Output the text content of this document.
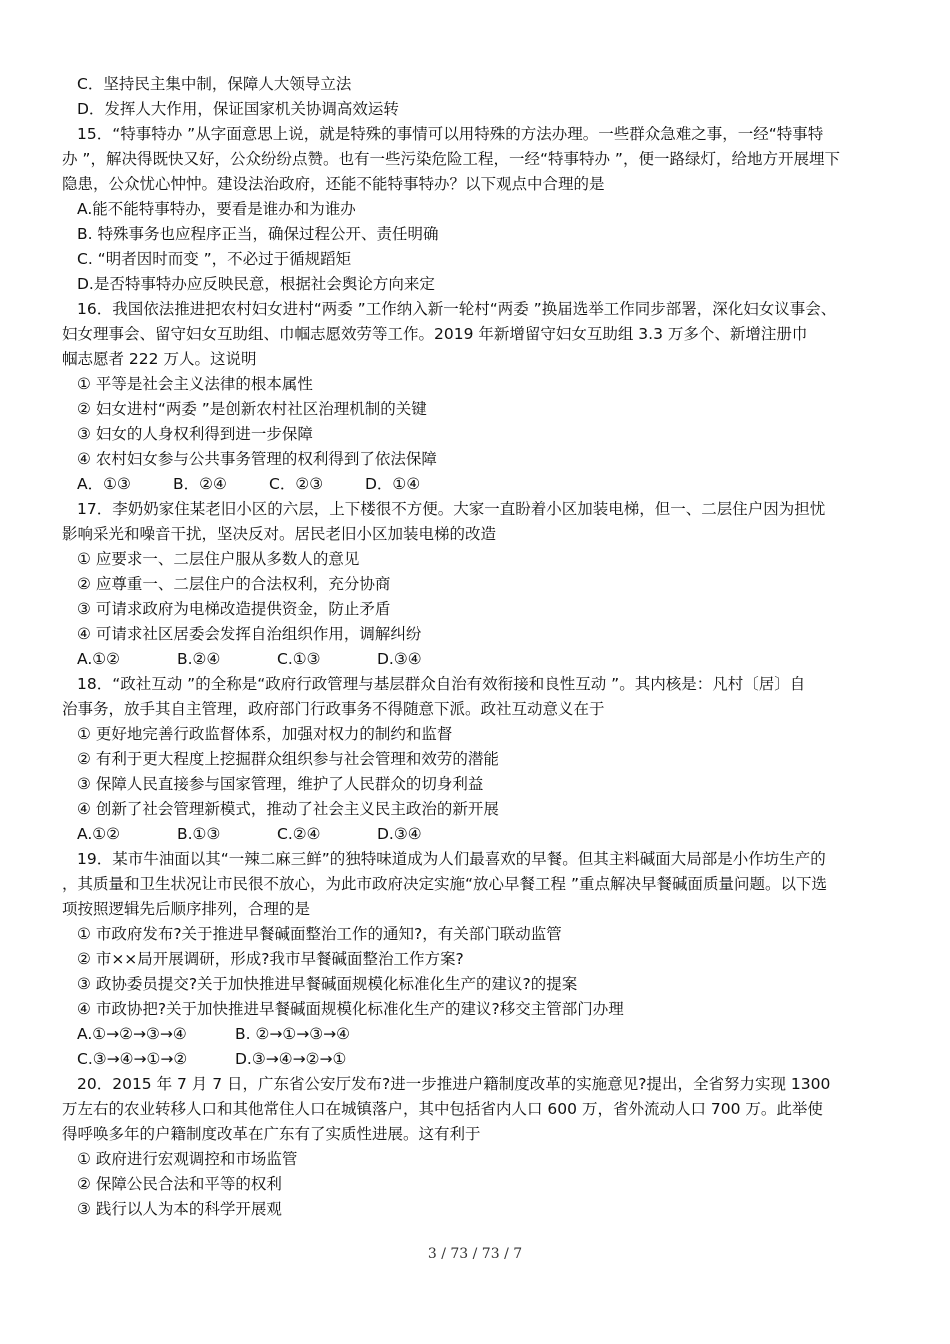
C．坚持民主集中制，保障人大领导立法
D．发挥人大作用，保证国家机关协调高效运转
15．“特事特办 ”从字面意思上说，就是特殊的事情可以用特殊的方法办理。一些群众急难之事，一经“特事特
办 ”，解决得既快又好，公众纷纷点赞。也有一些污染危险工程，一经“特事特办 ”，便一路绿灯，给地方开展埋下
隐患，公众忧心忡忡。建设法治政府，还能不能特事特办？以下观点中合理的是
A.能不能特事特办，要看是谁办和为谁办
B. 特殊事务也应程序正当，确保过程公开、责任明确
C. “明者因时而变 ”，不必过于循规蹈矩
D.是否特事特办应反映民意，根据社会舆论方向来定
16．我国依法推进把农村妇女进村“两委 ”工作纳入新一轮村“两委 ”换届选举工作同步部署，深化妇女议事会、
妇女理事会、留守妇女互助组、巾帼志愿效劳等工作。2019 年新增留守妇女互助组 3.3 万多个、新增注册巾
帼志愿者 222 万人。这说明
① 平等是社会主义法律的根本属性
② 妇女进村“两委 ”是创新农村社区治理机制的关键
③ 妇女的人身权利得到进一步保障
④ 农村妇女参与公共事务管理的权利得到了依法保障
A．①③	B．②④	C．②③	D．①④
17．李奶奶家住某老旧小区的六层，上下楼很不方便。大家一直盼着小区加装电梯，但一、二层住户因为担忧
影响采光和噪音干扰，坚决反对。居民老旧小区加装电梯的改造
① 应要求一、二层住户服从多数人的意见
② 应尊重一、二层住户的合法权利，充分协商
③ 可请求政府为电梯改造提供资金，防止矛盾
④ 可请求社区居委会发挥自治组织作用，调解纠纷
A.①②	B.②④	C.①③	D.③④
18．“政社互动 ”的全称是“政府行政管理与基层群众自治有效衔接和良性互动 ”。其内核是：凡村〔居〕自
治事务，放手其自主管理，政府部门行政事务不得随意下派。政社互动意义在于
① 更好地完善行政监督体系，加强对权力的制约和监督
② 有利于更大程度上挖掘群众组织参与社会管理和效劳的潜能
③ 保障人民直接参与国家管理，维护了人民群众的切身利益
④ 创新了社会管理新模式，推动了社会主义民主政治的新开展
A.①②	B.①③	C.②④	D.③④
19．某市牛油面以其“一辣二麻三鲜”的独特味道成为人们最喜欢的早餐。但其主料碱面大局部是小作坊生产的
，其质量和卫生状况让市民很不放心，为此市政府决定实施“放心早餐工程 ”重点解决早餐碱面质量问题。以下选
项按照逻辑先后顺序排列，合理的是
① 市政府发布?关于推进早餐碱面整治工作的通知?，有关部门联动监管
② 市××局开展调研，形成?我市早餐碱面整治工作方案?
③ 政协委员提交?关于加快推进早餐碱面规模化标准化生产的建议?的提案
④ 市政协把?关于加快推进早餐碱面规模化标准化生产的建议?移交主管部门办理
A.①→②→③→④	B. ②→①→③→④
C.③→④→①→②	D.③→④→②→①
20．2015 年 7 月 7 日，广东省公安厅发布?进一步推进户籍制度改革的实施意见?提出，全省努力实现 1300
万左右的农业转移人口和其他常住人口在城镇落户，其中包括省内人口 600 万，省外流动人口 700 万。此举使
得呼唤多年的户籍制度改革在广东有了实质性进展。这有利于
① 政府进行宏观调控和市场监管
② 保障公民合法和平等的权利
③ 践行以人为本的科学开展观
3 / 73 / 73 / 7
